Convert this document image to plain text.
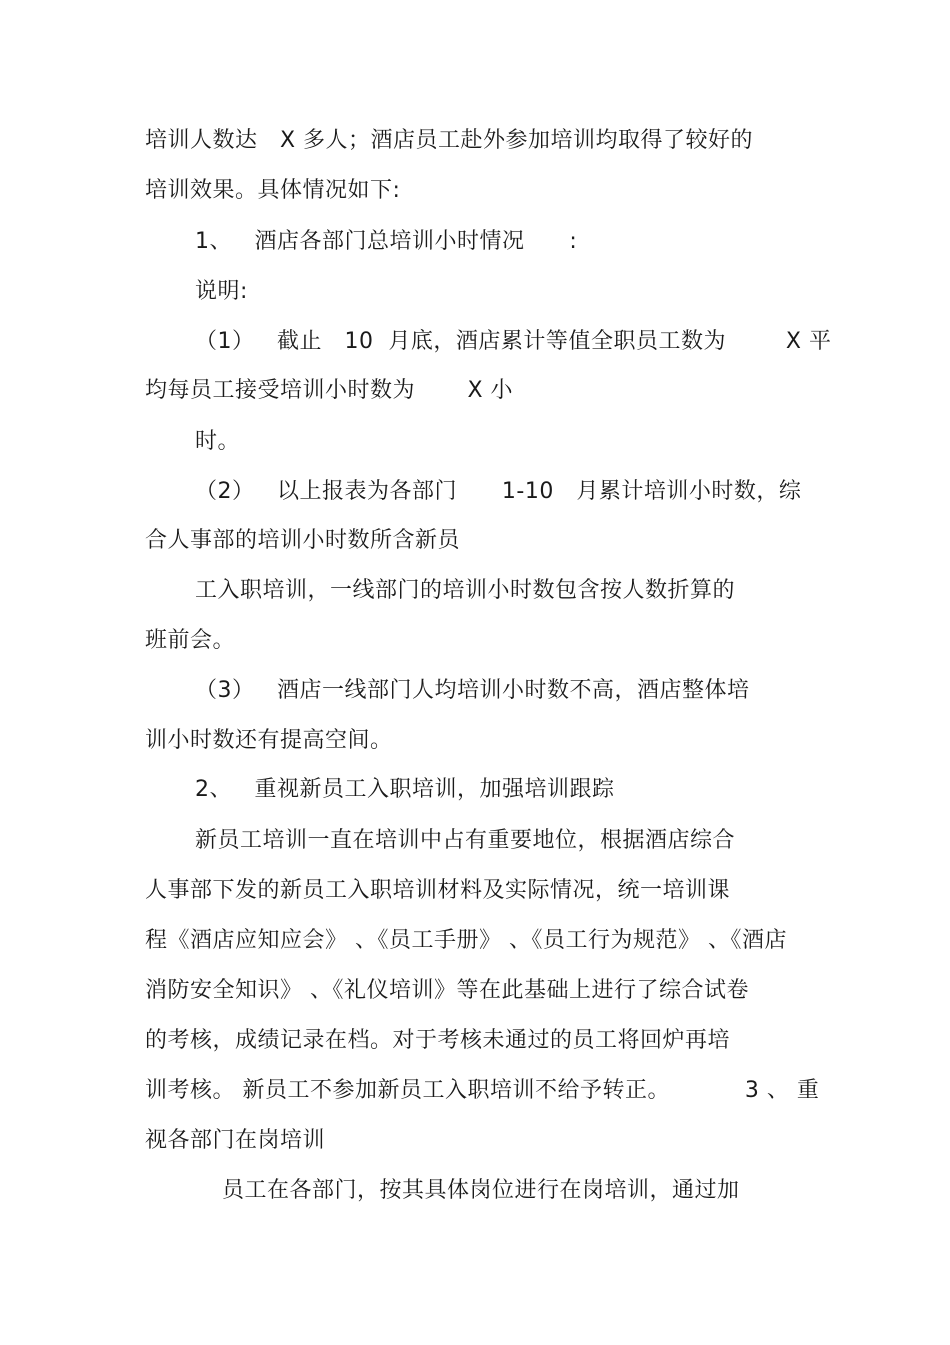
培训人数达   X 多人；酒店员工赴外参加培训均取得了较好的
培训效果。具体情况如下:
1、   酒店各部门总培训小时情况      :
说明:
（1）   截止   10  月底，酒店累计等值全职员工数为        X 平
均每员工接受培训小时数为       X 小
时。
（2）   以上报表为各部门      1-10   月累计培训小时数，综
合人事部的培训小时数所含新员
工入职培训，一线部门的培训小时数包含按人数折算的
班前会。
（3）   酒店一线部门人均培训小时数不高，酒店整体培
训小时数还有提高空间。
2、   重视新员工入职培训，加强培训跟踪
新员工培训一直在培训中占有重要地位，根据酒店综合
人事部下发的新员工入职培训材料及实际情况，统一培训课
程《酒店应知应会》 、《员工手册》 、《员工行为规范》 、《酒店
消防安全知识》 、《礼仪培训》等在此基础上进行了综合试卷
的考核，成绩记录在档。对于考核未通过的员工将回炉再培
训考核。 新员工不参加新员工入职培训不给予转正。          3 、 重
视各部门在岗培训
员工在各部门，按其具体岗位进行在岗培训，通过加
